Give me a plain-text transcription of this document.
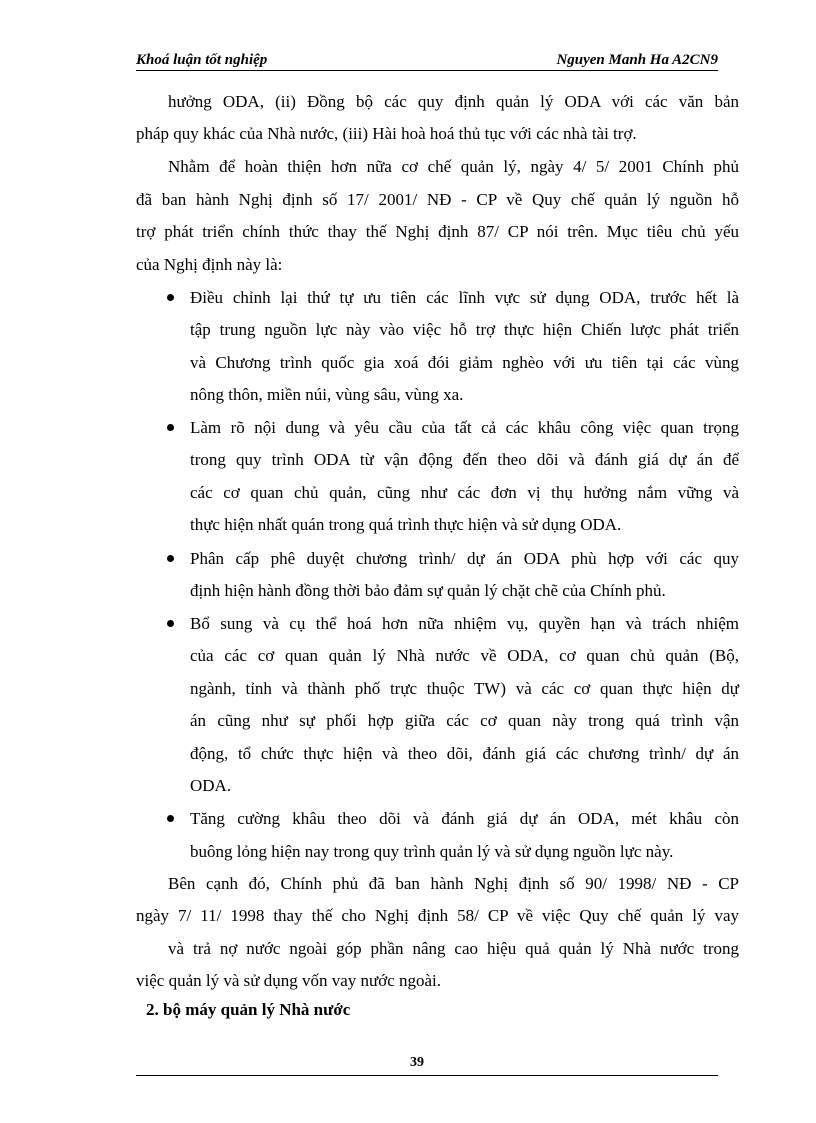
Khoá luận tốt nghiệp	Nguyen Manh Ha A2CN9
hưởng ODA, (ii) Đồng bộ các quy định quản lý ODA với các văn bản
pháp quy khác của Nhà nước, (iii) Hài hoà hoá thủ tục với các nhà tài trợ.
Nhằm để hoàn thiện hơn nữa cơ chế quản lý, ngày 4/ 5/ 2001 Chính phủ
đã ban hành Nghị định số 17/ 2001/ NĐ - CP về Quy chế quản lý nguồn hỗ
trợ phát triển chính thức thay thế Nghị định 87/ CP nói trên. Mục tiêu chủ yếu
của Nghị định này là:
Điều chỉnh lại thứ tự ưu tiên các lĩnh vực sử dụng ODA, trước hết là
tập trung nguồn lực này vào việc hỗ trợ thực hiện Chiến lược phát triển
và Chương trình quốc gia xoá đói giảm nghèo với ưu tiên tại các vùng
nông thôn, miền núi, vùng sâu, vùng xa.
Làm rõ nội dung và yêu cầu của tất cả các khâu công việc quan trọng
trong quy trình ODA từ vận động đến theo dõi và đánh giá dự án để
các cơ quan chủ quản, cũng như các đơn vị thụ hưởng nắm vững và
thực hiện nhất quán trong quá trình thực hiện và sử dụng ODA.
Phân cấp phê duyệt chương trình/ dự án ODA phù hợp với các quy
định hiện hành đồng thời bảo đảm sự quản lý chặt chẽ của Chính phủ.
Bổ sung và cụ thể hoá hơn nữa nhiệm vụ, quyền hạn và trách nhiệm
của các cơ quan quản lý Nhà nước về ODA, cơ quan chủ quản (Bộ,
ngành, tỉnh và thành phố trực thuộc TW) và các cơ quan thực hiện dự
án cũng như sự phối hợp giữa các cơ quan này trong quá trình vận
động, tổ chức thực hiện và theo dõi, đánh giá các chương trình/ dự án
ODA.
Tăng cường khâu theo dõi và đánh giá dự án ODA, mét khâu còn
buông lỏng hiện nay trong quy trình quản lý và sử dụng nguồn lực này.
Bên cạnh đó, Chính phủ đã ban hành Nghị định số 90/ 1998/ NĐ - CP
ngày 7/ 11/ 1998 thay thế cho Nghị định 58/ CP về việc Quy chế quản lý vay
và trả nợ nước ngoài góp phần nâng cao hiệu quả quản lý Nhà nước trong
việc quản lý và sử dụng vốn vay nước ngoài.
2. bộ máy quản lý Nhà nước
39
